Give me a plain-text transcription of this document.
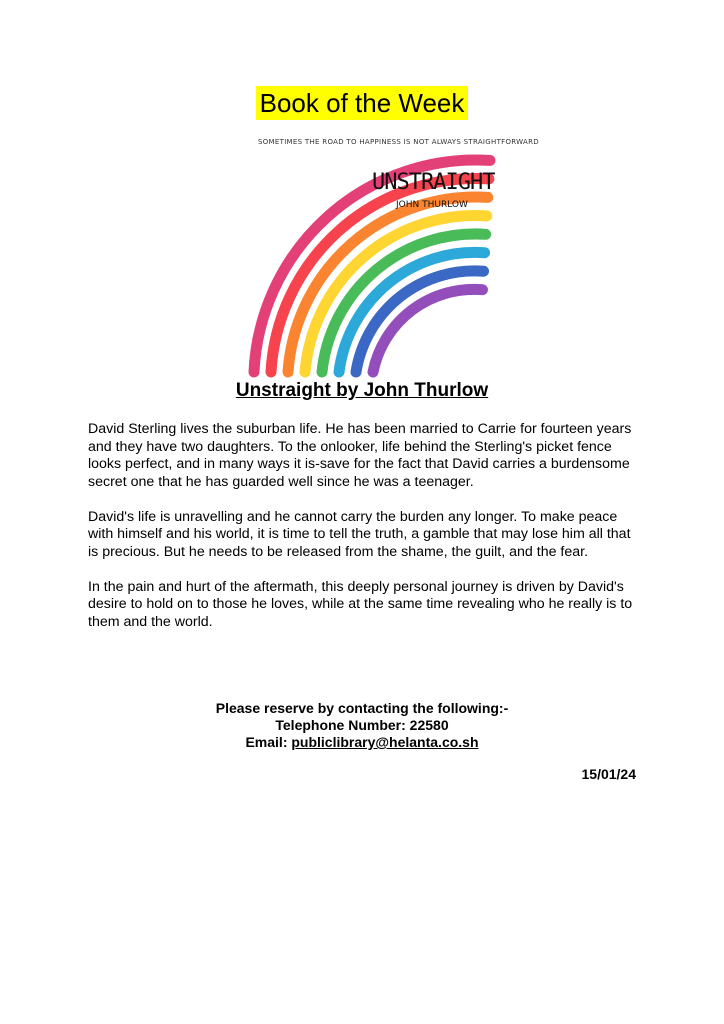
Book of the Week
SOMETIMES THE ROAD TO HAPPINESS IS NOT ALWAYS STRAIGHTFORWARD
UNSTRAIGHT
JOHN THURLOW
Unstraight by John Thurlow

David Sterling lives the suburban life. He has been married to Carrie for fourteen years and they have two daughters. To the onlooker, life behind the Sterling's picket fence looks perfect, and in many ways it is-save for the fact that David carries a burdensome secret one that he has guarded well since he was a teenager.

David's life is unravelling and he cannot carry the burden any longer. To make peace with himself and his world, it is time to tell the truth, a gamble that may lose him all that is precious. But he needs to be released from the shame, the guilt, and the fear.

In the pain and hurt of the aftermath, this deeply personal journey is driven by David's desire to hold on to those he loves, while at the same time revealing who he really is to them and the world.

Please reserve by contacting the following:-
Telephone Number: 22580
Email: publiclibrary@helanta.co.sh
15/01/24
